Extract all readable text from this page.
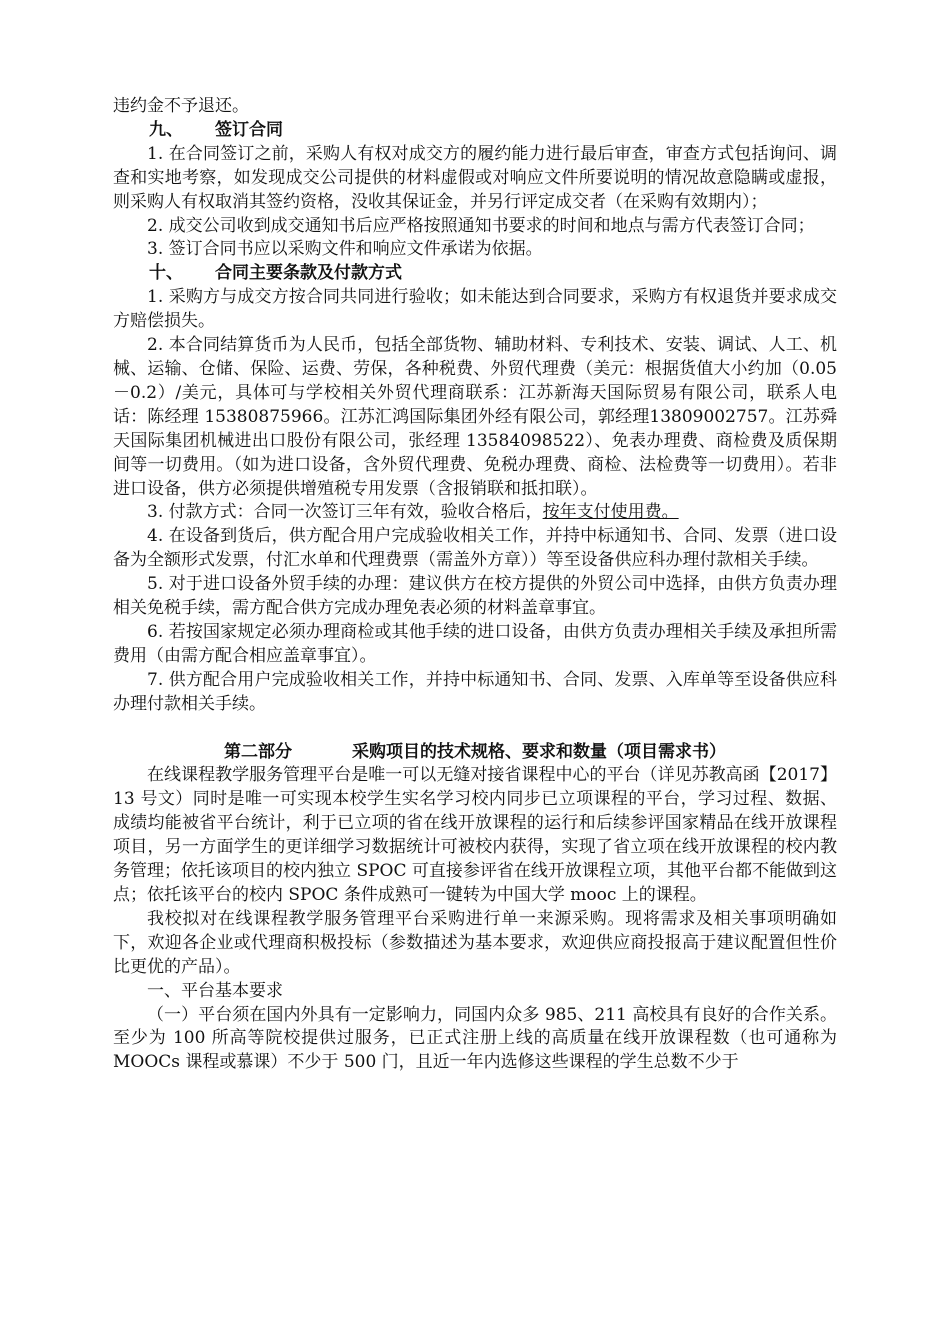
违约金不予退还。

九、 签订合同

1. 在合同签订之前，采购人有权对成交方的履约能力进行最后审查，审查方式包括询问、调查和实地考察，如发现成交公司提供的材料虚假或对响应文件所要说明的情况故意隐瞒或虚报，则采购人有权取消其签约资格，没收其保证金，并另行评定成交者（在采购有效期内）；

2. 成交公司收到成交通知书后应严格按照通知书要求的时间和地点与需方代表签订合同；

3. 签订合同书应以采购文件和响应文件承诺为依据。

十、 合同主要条款及付款方式

1. 采购方与成交方按合同共同进行验收；如未能达到合同要求，采购方有权退货并要求成交方赔偿损失。

2. 本合同结算货币为人民币，包括全部货物、辅助材料、专利技术、安装、调试、人工、机械、运输、仓储、保险、运费、劳保，各种税费、外贸代理费（美元：根据货值大小约加（0.05－0.2）/美元，具体可与学校相关外贸代理商联系：江苏新海天国际贸易有限公司，联系人电话：陈经理 15380875966。江苏汇鸿国际集团外经有限公司，郭经理13809002757。江苏舜天国际集团机械进出口股份有限公司，张经理 13584098522）、免表办理费、商检费及质保期间等一切费用。（如为进口设备，含外贸代理费、免税办理费、商检、法检费等一切费用）。若非进口设备，供方必须提供增殖税专用发票（含报销联和抵扣联）。

3. 付款方式：合同一次签订三年有效，验收合格后，按年支付使用费。

4. 在设备到货后，供方配合用户完成验收相关工作，并持中标通知书、合同、发票（进口设备为全额形式发票，付汇水单和代理费票（需盖外方章））等至设备供应科办理付款相关手续。

5. 对于进口设备外贸手续的办理：建议供方在校方提供的外贸公司中选择，由供方负责办理相关免税手续，需方配合供方完成办理免表必须的材料盖章事宜。

6. 若按国家规定必须办理商检或其他手续的进口设备，由供方负责办理相关手续及承担所需费用（由需方配合相应盖章事宜）。

7. 供方配合用户完成验收相关工作，并持中标通知书、合同、发票、入库单等至设备供应科办理付款相关手续。

第二部分	采购项目的技术规格、要求和数量（项目需求书）

在线课程教学服务管理平台是唯一可以无缝对接省课程中心的平台（详见苏教高函【2017】13 号文）同时是唯一可实现本校学生实名学习校内同步已立项课程的平台，学习过程、数据、成绩均能被省平台统计，利于已立项的省在线开放课程的运行和后续参评国家精品在线开放课程项目，另一方面学生的更详细学习数据统计可被校内获得，实现了省立项在线开放课程的校内教务管理；依托该项目的校内独立 SPOC 可直接参评省在线开放课程立项，其他平台都不能做到这点；依托该平台的校内 SPOC 条件成熟可一键转为中国大学 mooc 上的课程。

我校拟对在线课程教学服务管理平台采购进行单一来源采购。现将需求及相关事项明确如下，欢迎各企业或代理商积极投标（参数描述为基本要求，欢迎供应商投报高于建议配置但性价比更优的产品）。

一、平台基本要求

（一）平台须在国内外具有一定影响力，同国内众多 985、211 高校具有良好的合作关系。至少为 100 所高等院校提供过服务，已正式注册上线的高质量在线开放课程数（也可通称为 MOOCs 课程或慕课）不少于 500 门，且近一年内选修这些课程的学生总数不少于
